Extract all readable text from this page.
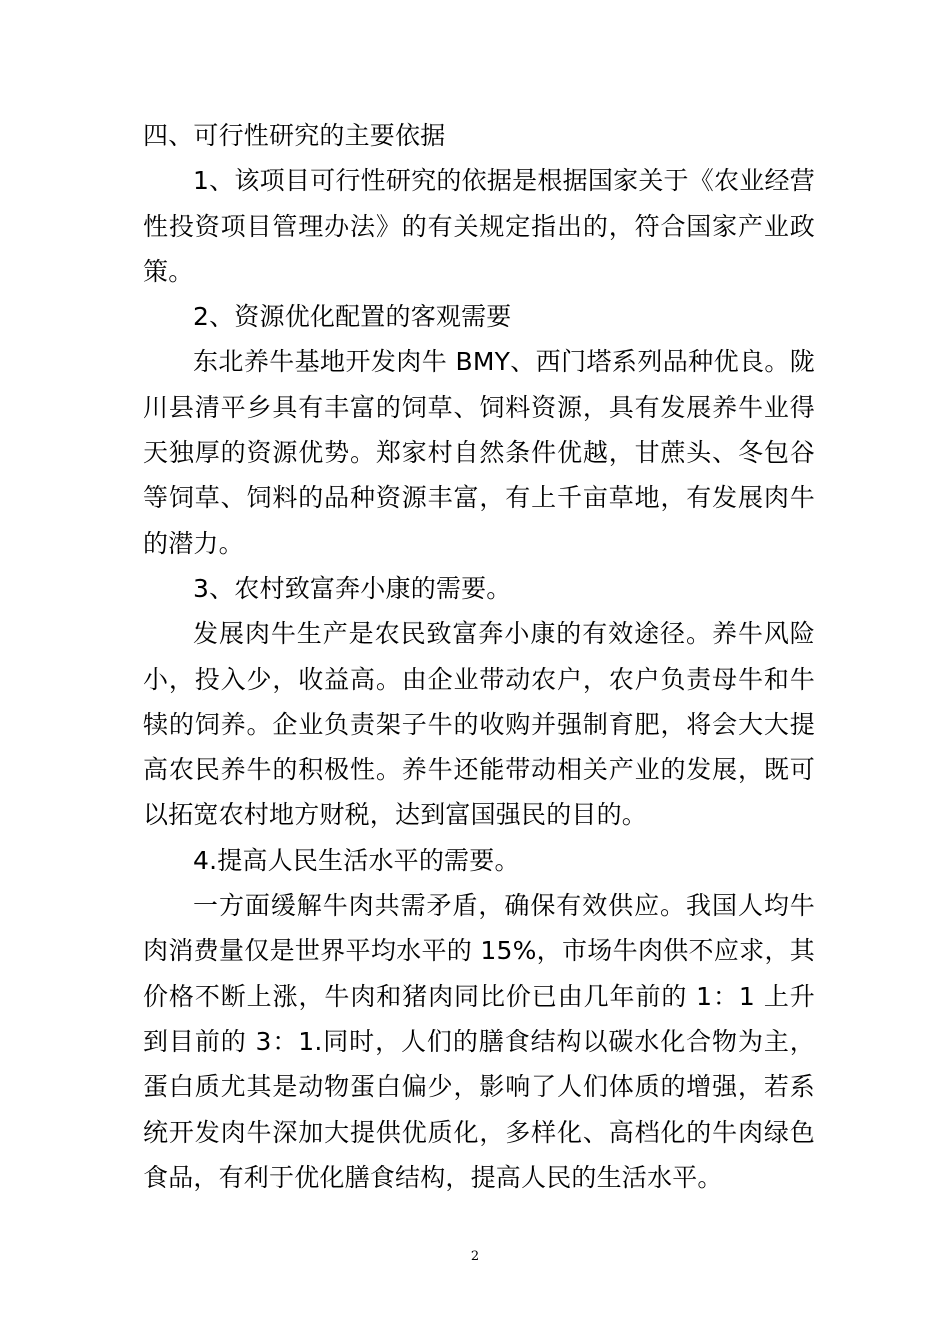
四、可行性研究的主要依据

1、该项目可行性研究的依据是根据国家关于《农业经营性投资项目管理办法》的有关规定指出的，符合国家产业政策。

2、资源优化配置的客观需要

东北养牛基地开发肉牛 BMY、西门塔系列品种优良。陇川县清平乡具有丰富的饲草、饲料资源，具有发展养牛业得天独厚的资源优势。郑家村自然条件优越，甘蔗头、冬包谷等饲草、饲料的品种资源丰富，有上千亩草地，有发展肉牛的潜力。

3、农村致富奔小康的需要。

发展肉牛生产是农民致富奔小康的有效途径。养牛风险小，投入少，收益高。由企业带动农户，农户负责母牛和牛犊的饲养。企业负责架子牛的收购并强制育肥，将会大大提高农民养牛的积极性。养牛还能带动相关产业的发展，既可以拓宽农村地方财税，达到富国强民的目的。

4.提高人民生活水平的需要。

一方面缓解牛肉共需矛盾，确保有效供应。我国人均牛肉消费量仅是世界平均水平的 15%，市场牛肉供不应求，其价格不断上涨，牛肉和猪肉同比价已由几年前的 1：1 上升到目前的 3：1.同时，人们的膳食结构以碳水化合物为主，蛋白质尤其是动物蛋白偏少，影响了人们体质的增强，若系统开发肉牛深加大提供优质化，多样化、高档化的牛肉绿色食品，有利于优化膳食结构，提高人民的生活水平。

2
